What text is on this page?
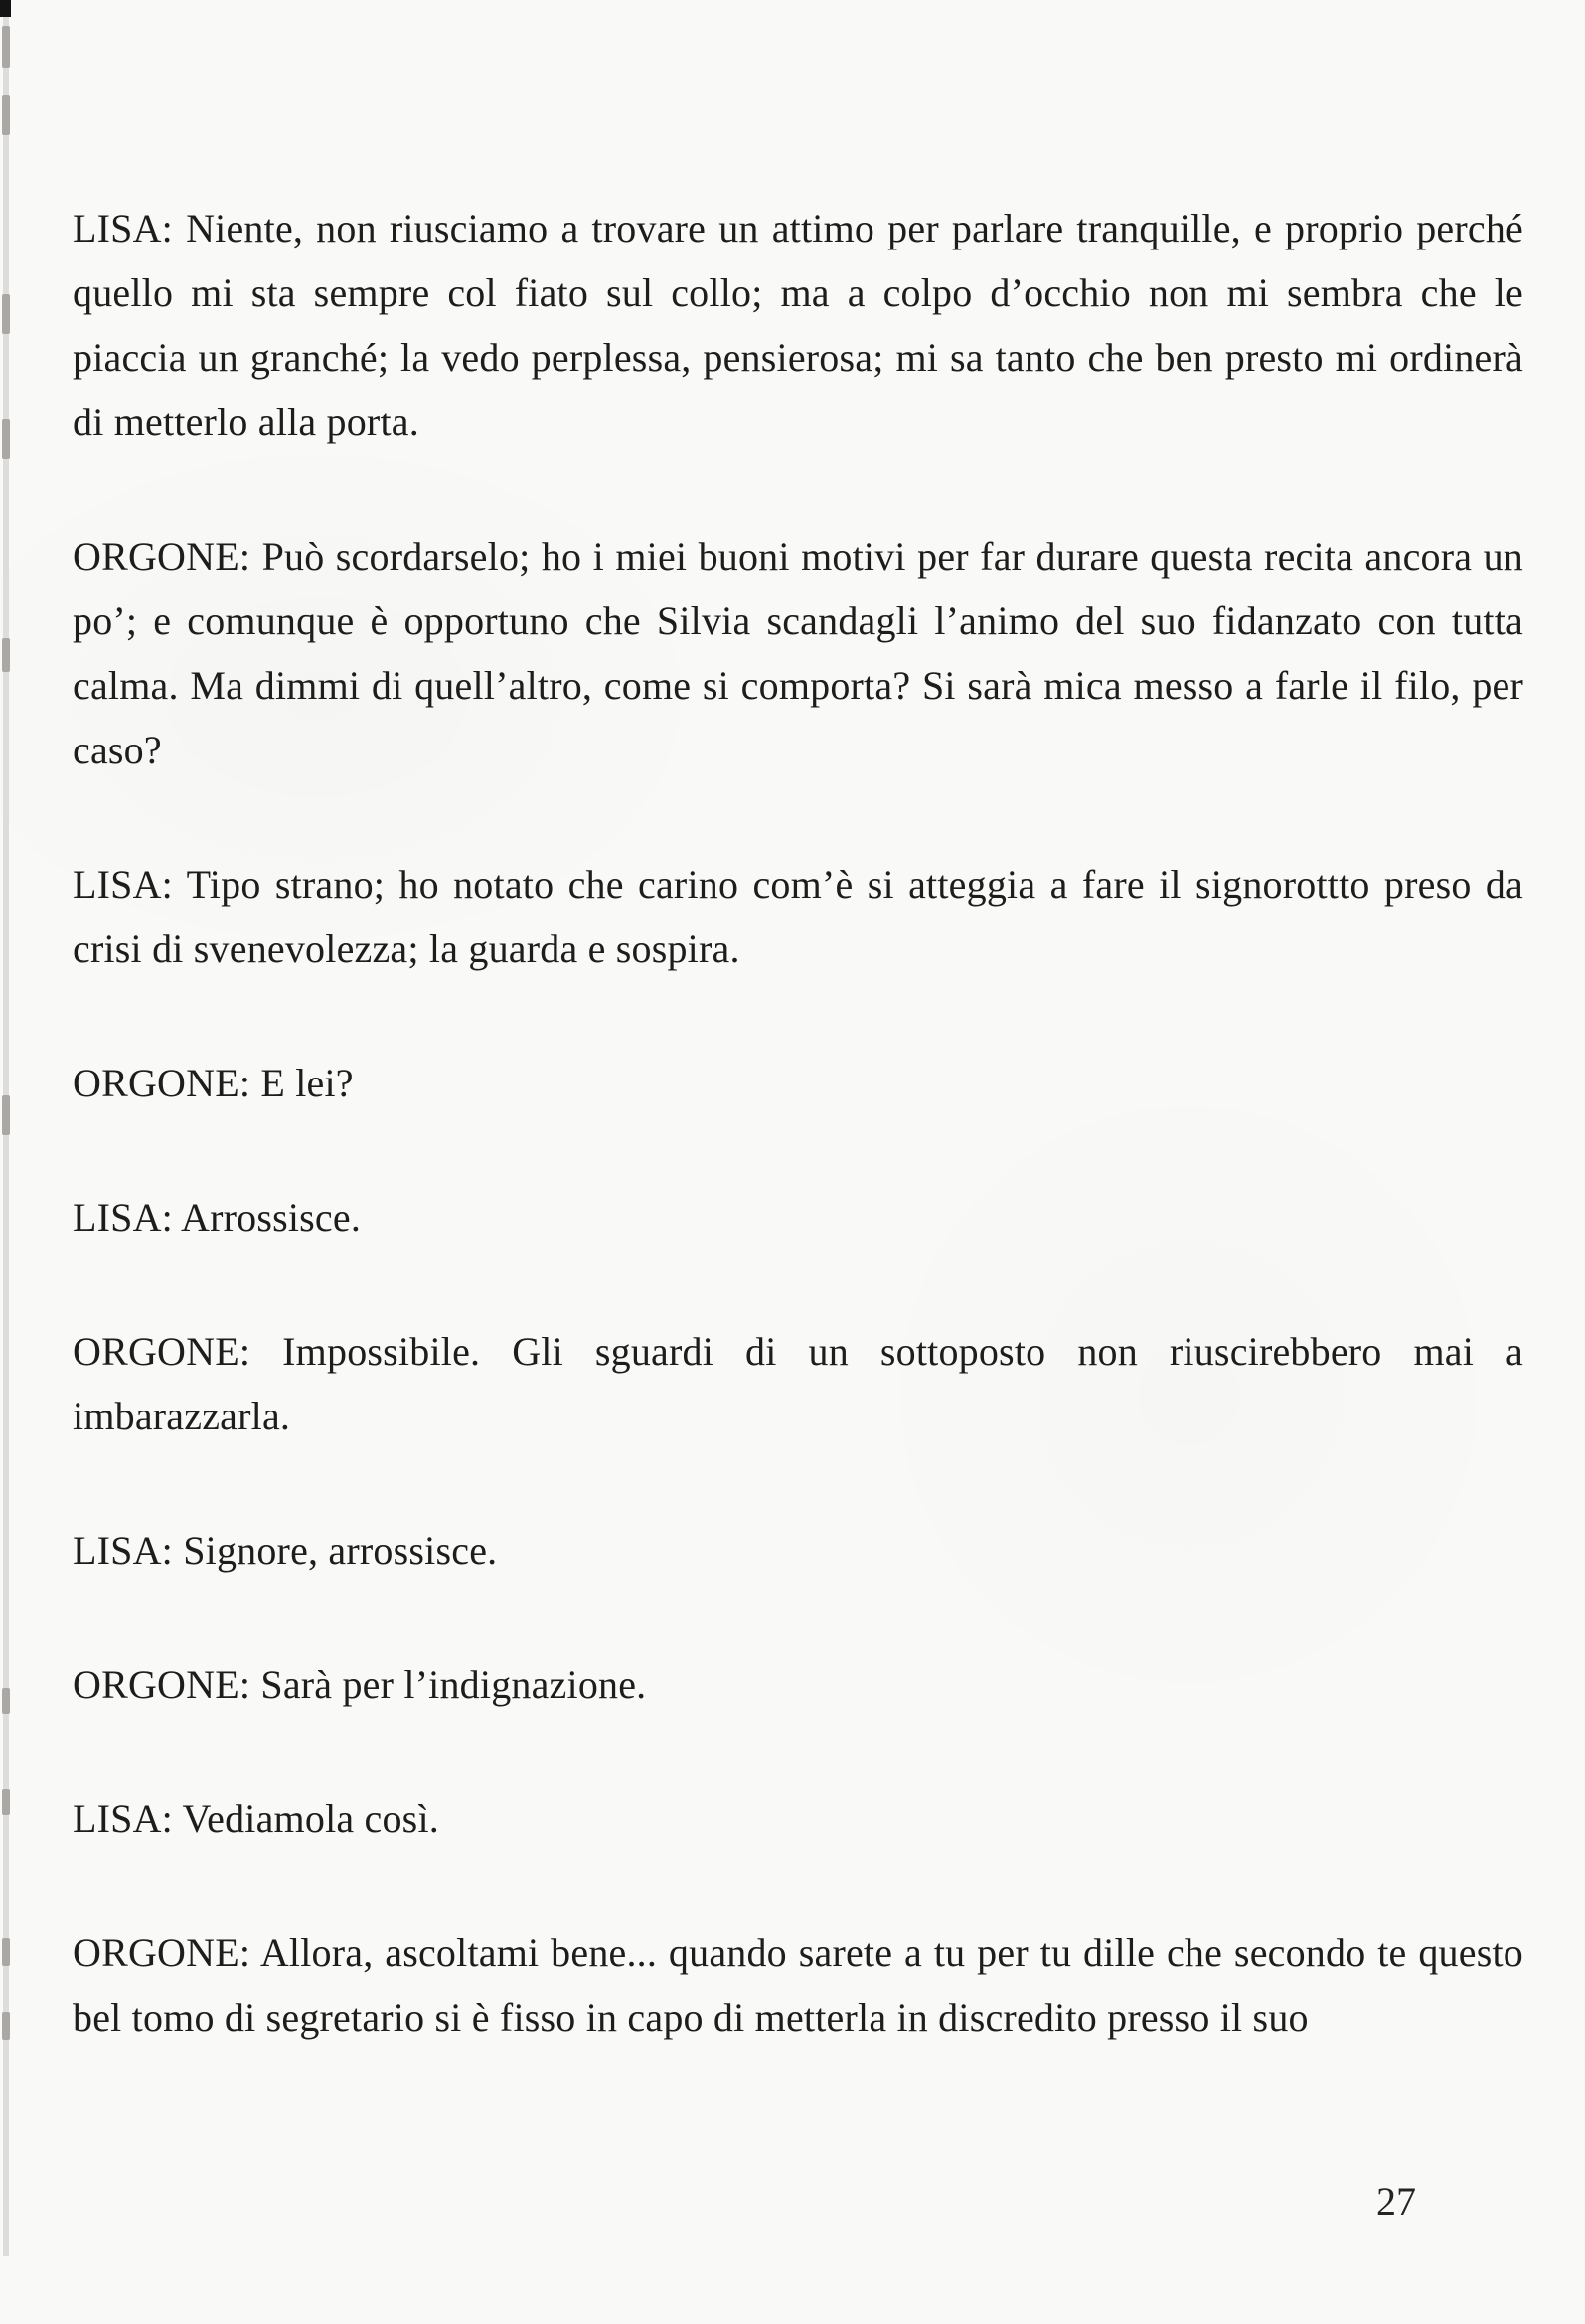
LISA: Niente, non riusciamo a trovare un attimo per parlare tranquille, e proprio perché quello mi sta sempre col fiato sul collo; ma a colpo d’occhio non mi sembra che le piaccia un granché; la vedo perplessa, pensierosa; mi sa tanto che ben presto mi ordinerà di metterlo alla porta.

ORGONE: Può scordarselo; ho i miei buoni motivi per far durare questa recita ancora un po’; e comunque è opportuno che Silvia scandagli l’animo del suo fidanzato con tutta calma. Ma dimmi di quell’altro, come si comporta? Si sarà mica messo a farle il filo, per caso?

LISA: Tipo strano; ho notato che carino com’è si atteggia a fare il signorottto preso da crisi di svenevolezza; la guarda e sospira.

ORGONE: E lei?

LISA: Arrossisce.

ORGONE: Impossibile. Gli sguardi di un sottoposto non riuscirebbero mai a imbarazzarla.

LISA: Signore, arrossisce.

ORGONE: Sarà per l’indignazione.

LISA: Vediamola così.

ORGONE: Allora, ascoltami bene... quando sarete a tu per tu dille che secondo te questo bel tomo di segretario si è fisso in capo di metterla in discredito presso il suo

27
